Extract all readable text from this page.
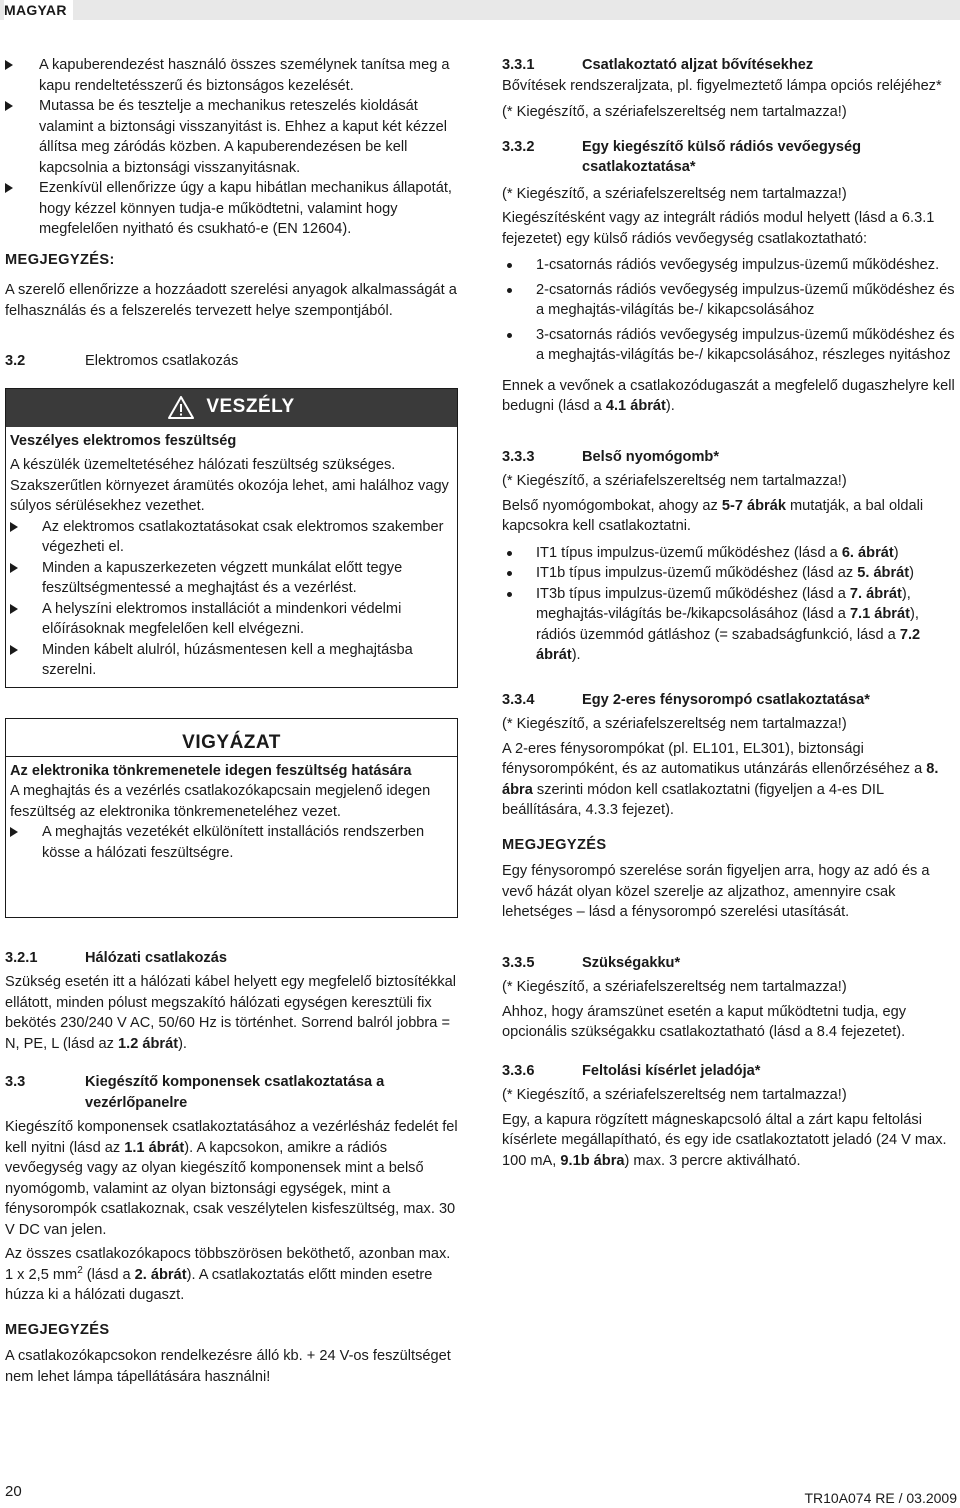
MAGYAR
A kapuberendezést használó összes személynek tanítsa meg a kapu rendeltetésszerű és biztonságos kezelését.
Mutassa be és tesztelje a mechanikus reteszelés kioldását valamint a biztonsági visszanyitást is. Ehhez a kaput két kézzel állítsa meg záródás közben. A kapuberendezésen be kell kapcsolnia a biztonsági visszanyitásnak.
Ezenkívül ellenőrizze úgy a kapu hibátlan mechanikus állapotát, hogy kézzel könnyen tudja-e működtetni, valamint hogy megfelelően nyitható és csukható-e (EN 12604).

MEGJEGYZÉS:

A szerelő ellenőrizze a hozzáadott szerelési anyagok alkalmasságát a felhasználás és a felszerelés tervezett helye szempontjából.

3.2	Elektromos csatlakozás
VESZÉLY

Veszélyes elektromos feszültség

A készülék üzemeltetéséhez hálózati feszültség szükséges.

Szakszerűtlen környezet áramütés okozója lehet, ami halálhoz vagy súlyos sérülésekhez vezethet.

Az elektromos csatlakoztatásokat csak elektromos szakember végezheti el.
Minden a kapuszerkezeten végzett munkálat előtt tegye feszültségmentessé a meghajtást és a vezérlést.
A helyszíni elektromos installációt a mindenkori védelmi előírásoknak megfelelően kell elvégezni.
Minden kábelt alulról, húzásmentesen kell a meghajtásba szerelni.
VIGYÁZAT

Az elektronika tönkremenetele idegen feszültség hatására

A meghajtás és a vezérlés csatlakozókapcsain megjelenő idegen feszültség az elektronika tönkremeneteléhez vezet.

A meghajtás vezetékét elkülönített installációs rendszerben kösse a hálózati feszültségre.
3.2.1	Hálózati csatlakozás

Szükség esetén itt a hálózati kábel helyett egy megfelelő biztosítékkal ellátott, minden pólust megszakító hálózati egységen keresztüli fix bekötés 230/240 V AC, 50/60 Hz is történhet. Sorrend balról jobbra = N, PE, L (lásd az 1.2 ábrát).

3.3	Kiegészítő komponensek csatlakoztatása a vezérlőpanelre

Kiegészítő komponensek csatlakoztatásához a vezérlésház fedelét fel kell nyitni (lásd az 1.1 ábrát). A kapcsokon, amikre a rádiós vevőegység vagy az olyan kiegészítő komponensek mint a belső nyomógomb, valamint az olyan biztonsági egységek, mint a fénysorompók csatlakoznak, csak veszélytelen kisfeszültség, max. 30 V DC van jelen.

Az összes csatlakozókapocs többszörösen beköthető, azonban max. 1 x 2,5 $mm^2$ (lásd a 2. ábrát). A csatlakoztatás előtt minden esetre húzza ki a hálózati dugaszt.

MEGJEGYZÉS

A csatlakozókapcsokon rendelkezésre álló kb. + 24 V-os feszültséget nem lehet lámpa tápellátására használni!

3.3.1	Csatlakoztató aljzat bővítésekhez

Bővítések rendszeraljzata, pl. figyelmeztető lámpa opciós reléjéhez*

(* Kiegészítő, a szériafelszereltség nem tartalmazza!)

3.3.2	Egy kiegészítő külső rádiós vevőegység csatlakoztatása*

(* Kiegészítő, a szériafelszereltség nem tartalmazza!)

Kiegészítésként vagy az integrált rádiós modul helyett (lásd a 6.3.1 fejezetet) egy külső rádiós vevőegység csatlakoztatható:

1-csatornás rádiós vevőegység impulzus-üzemű működéshez.
2-csatornás rádiós vevőegység impulzus-üzemű működéshez és a meghajtás-világítás be-/ kikapcsolásához
3-csatornás rádiós vevőegység impulzus-üzemű működéshez és a meghajtás-világítás be-/ kikapcsolásához, részleges nyitáshoz

Ennek a vevőnek a csatlakozódugaszát a megfelelő dugaszhelyre kell bedugni (lásd a 4.1 ábrát).

3.3.3	Belső nyomógomb*

(* Kiegészítő, a szériafelszereltség nem tartalmazza!)

Belső nyomógombokat, ahogy az 5-7 ábrák mutatják, a bal oldali kapcsokra kell csatlakoztatni.

IT1 típus impulzus-üzemű működéshez (lásd a 6. ábrát)
IT1b típus impulzus-üzemű működéshez (lásd az 5. ábrát)
IT3b típus impulzus-üzemű működéshez (lásd a 7. ábrát), meghajtás-világítás be-/kikapcsolásához (lásd a 7.1 ábrát), rádiós üzemmód gátláshoz (= szabadságfunkció, lásd a 7.2 ábrát).
3.3.4	Egy 2-eres fénysorompó csatlakoztatása*

(* Kiegészítő, a szériafelszereltség nem tartalmazza!)

A 2-eres fénysorompókat (pl. EL101, EL301), biztonsági fénysorompóként, és az automatikus utánzárás ellenőrzéséhez a 8. ábra szerinti módon kell csatlakoztatni (figyeljen a 4-es DIL beállítására, 4.3.3 fejezet).

MEGJEGYZÉS

Egy fénysorompó szerelése során figyeljen arra, hogy az adó és a vevő házát olyan közel szerelje az aljzathoz, amennyire csak lehetséges – lásd a fénysorompó szerelési utasítását.

3.3.5	Szükségakku*

(* Kiegészítő, a szériafelszereltség nem tartalmazza!)

Ahhoz, hogy áramszünet esetén a kaput működtetni tudja, egy opcionális szükségakku csatlakoztatható (lásd a 8.4 fejezetet).

3.3.6	Feltolási kísérlet jeladója*

(* Kiegészítő, a szériafelszereltség nem tartalmazza!)

Egy, a kapura rögzített mágneskapcsoló által a zárt kapu feltolási kísérlete megállapítható, és egy ide csatlakoztatott jeladó (24 V max. 100 mA, 9.1b ábra) max. 3 percre aktiválható.

20	TR10A074 RE / 03.2009
